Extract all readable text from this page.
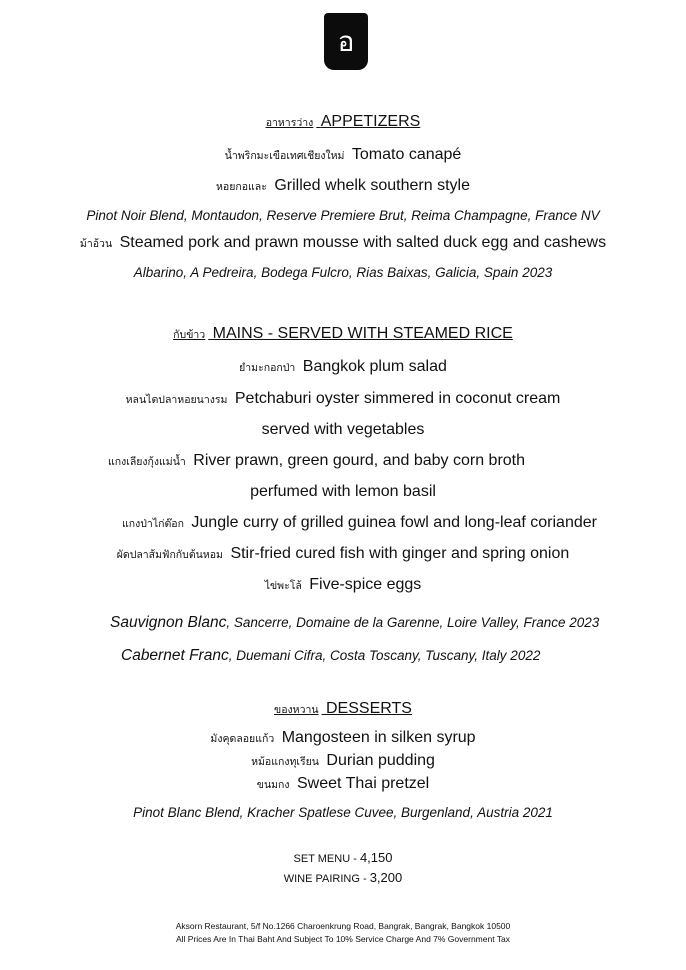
อ
อาหารว่าง APPETIZERS
น้ำพริกมะเขือเทศเชียงใหม่ Tomato canapé
หอยกอและ Grilled whelk southern style
Pinot Noir Blend, Montaudon, Reserve Premiere Brut, Reima Champagne, France NV
ม้าอ้วน Steamed pork and prawn mousse with salted duck egg and cashews
Albarino, A Pedreira, Bodega Fulcro, Rias Baixas, Galicia, Spain 2023
กับข้าว MAINS - SERVED WITH STEAMED RICE
ยำมะกอกป่า Bangkok plum salad
หลนไตปลาหอยนางรม Petchaburi oyster simmered in coconut cream
served with vegetables
แกงเลียงกุ้งแม่น้ำ River prawn, green gourd, and baby corn broth
perfumed with lemon basil
แกงป่าไก่ต๊อก Jungle curry of grilled guinea fowl and long-leaf coriander
ผัดปลาส้มฟักกับต้นหอม Stir-fried cured fish with ginger and spring onion
ไข่พะโล้ Five-spice eggs
Sauvignon Blanc, Sancerre, Domaine de la Garenne, Loire Valley, France 2023
Cabernet Franc, Duemani Cifra, Costa Toscany, Tuscany, Italy 2022
ของหวาน DESSERTS
มังคุดลอยแก้ว Mangosteen in silken syrup
หม้อแกงทุเรียน Durian pudding
ขนมกง Sweet Thai pretzel
Pinot Blanc Blend, Kracher Spatlese Cuvee, Burgenland, Austria 2021
SET MENU - 4,150
WINE PAIRING - 3,200
Aksorn Restaurant, 5/f No.1266 Charoenkrung Road, Bangrak, Bangrak, Bangkok 10500
All Prices Are In Thai Baht And Subject To 10% Service Charge And 7% Government Tax
